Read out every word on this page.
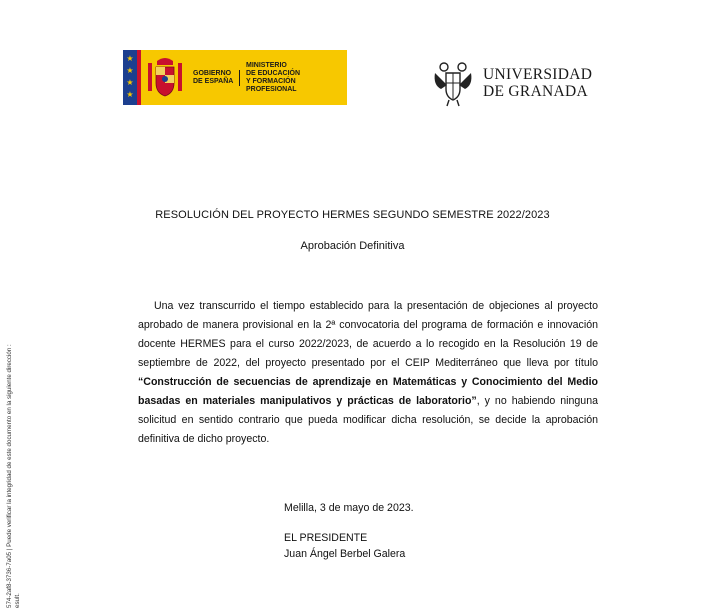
★
★
★
★
GOBIERNO
DE ESPAÑA
MINISTERIO
DE EDUCACIÓN
Y FORMACIÓN PROFESIONAL
UNIVERSIDAD
DE GRANADA
RESOLUCIÓN DEL PROYECTO HERMES SEGUNDO SEMESTRE 2022/2023
Aprobación Definitiva
Una vez transcurrido el tiempo establecido para la presentación de objeciones al proyecto aprobado de manera provisional en la 2ª convocatoria del programa de formación e innovación docente HERMES para el curso 2022/2023, de acuerdo a lo recogido en la Resolución 19 de septiembre de 2022, del proyecto presentado por el CEIP Mediterráneo que lleva por título “Construcción de secuencias de aprendizaje en Matemáticas y Conocimiento del Medio basadas en materiales manipulativos y prácticas de laboratorio”, y no habiendo ninguna solicitud en sentido contrario que pueda modificar dicha resolución, se decide la aprobación definitiva de dicho proyecto.
Melilla, 3 de mayo de 2023.
EL PRESIDENTE
Juan Ángel Berbel Galera
574-2af8-3736-7a05 | Puede verificar la integridad de este documento en la siguiente dirección : esult.
